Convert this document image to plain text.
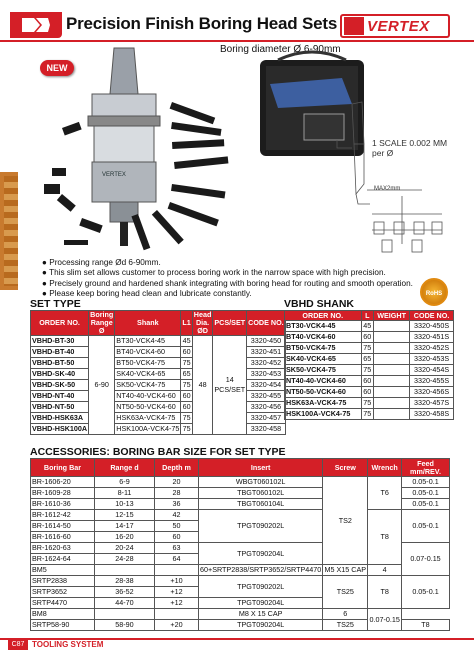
Precision Finish Boring Head Sets VERTEX
Boring diameter Ø 6-90mm
NEW
VERTEX
MAX2mm
1 SCALE 0.002 MM
per Ø
● Processing range Ød 6-90mm.
● This slim set allows customer to process boring work in the narrow space with high precision.
● Precisely ground and hardened shank integrating with boring head for routing and smooth operation.
● Please keep boring head clean and lubricate constantly.	RoHS
SET TYPE
ORDER NO.	Boring Range Ø	Shank	L1	Head Dia. ØD	PCS/SET	CODE NO.
VBHD-BT-30	6-90	BT30-VCK4-45	45	48	14 PCS/SET	3320-450
VBHD-BT-40		BT40-VCK4-60	60			3320-451
VBHD-BT-50		BT50-VCK4-75	75			3320-452
VBHD-SK-40		SK40-VCK4-65	65			3320-453
VBHD-SK-50		SK50-VCK4-75	75			3320-454
VBHD-NT-40		NT40-40-VCK4-60	60			3320-455
VBHD-NT-50		NT50-50-VCK4-60	60			3320-456
VBHD-HSK63A		HSK63A-VCK4-75	75			3320-457
VBHD-HSK100A		HSK100A-VCK4-75	75			3320-458
VBHD SHANK
ORDER NO.	L	WEIGHT	CODE NO.
BT30-VCK4-45	45		3320-450S
BT40-VCK4-60	60		3320-451S
BT50-VCK4-75	75		3320-452S
SK40-VCK4-65	65		3320-453S
SK50-VCK4-75	75		3320-454S
NT40-40-VCK4-60	60		3320-455S
NT50-50-VCK4-60	60		3320-456S
HSK63A-VCK4-75	75		3320-457S
HSK100A-VCK4-75	75		3320-458S
ACCESSORIES: BORING BAR SIZE FOR SET TYPE
Boring Bar	Range d	Depth m	Insert	Screw	Wrench	Feed mm/REV.
BR-1606-20	6-9	20	WBGT060102L	TS2	T6	0.05-0.1
BR-1609-28	8-11	28	TBGT060102L			0.05-0.1
BR-1610-36	10-13	36	TBGT060104L			0.05-0.1
BR-1612-42	12-15	42	TPGT090202L		T8	0.05-0.1
BR-1614-50	14-17	50				
BR-1616-60	16-20	60				
BR-1620-63	20-24	63	TPGT090204L			0.07-0.15
BR-1624-64	24-28	64				
BM5			60+SRTP2838/SRTP3652/SRTP4470	M5 X15 CAP	4	
SRTP2838	28-38	+10	TPGT090202L	TS25	T8	0.05-0.1
SRTP3652	36-52	+12				
SRTP4470	44-70	+12	TPGT090204L			
BM8			M8 X 15 CAP	6	0.07-0.15	
SRTP58-90	58-90	+20	TPGT090204L	TS25		T8
C87 TOOLING SYSTEM
